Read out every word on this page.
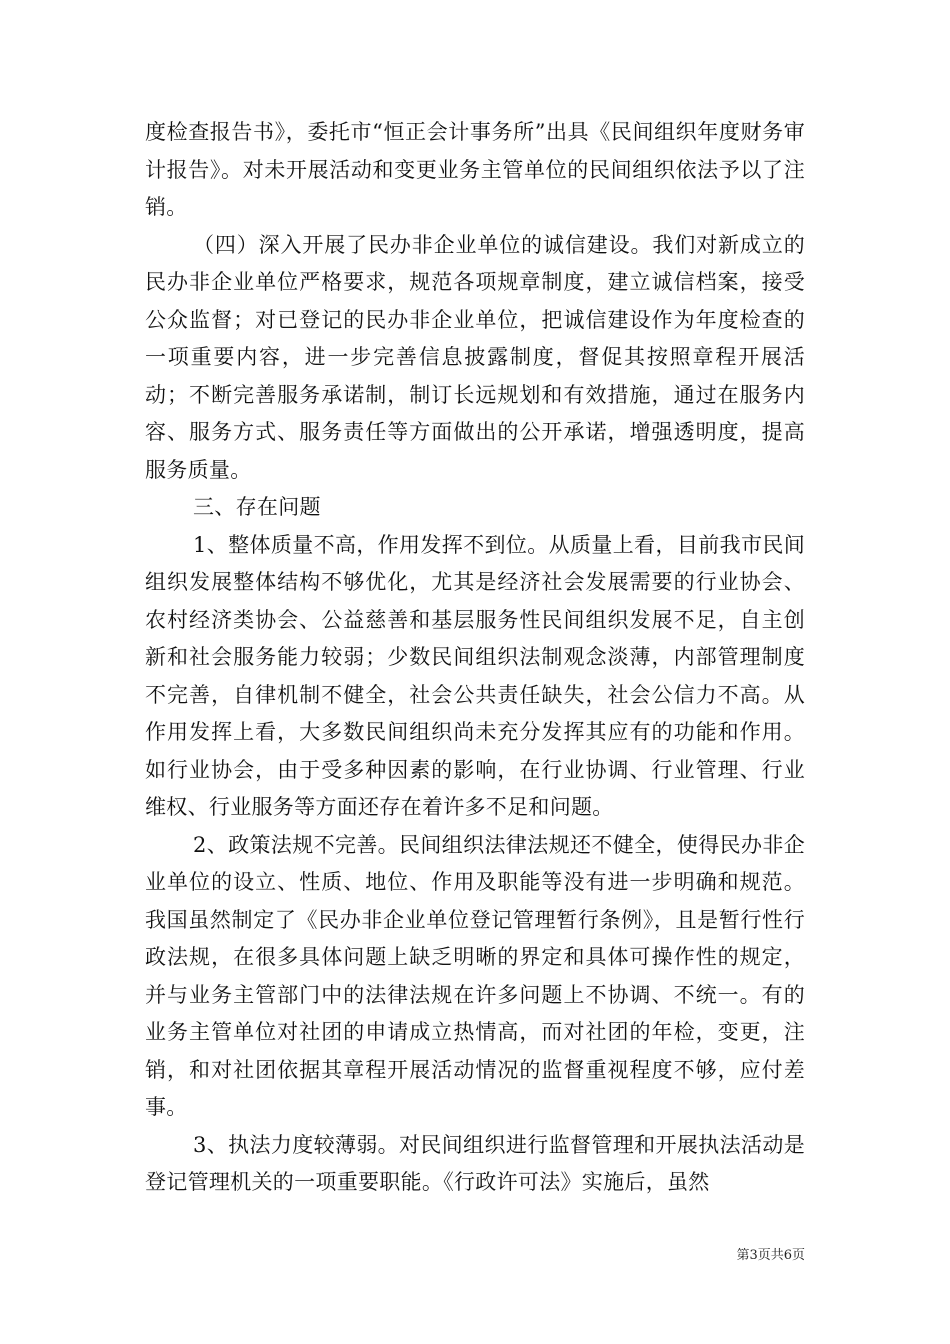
度检查报告书》，委托市“恒正会计事务所”出具《民间组织年度财务审计报告》。对未开展活动和变更业务主管单位的民间组织依法予以了注销。

（四）深入开展了民办非企业单位的诚信建设。我们对新成立的民办非企业单位严格要求，规范各项规章制度，建立诚信档案，接受公众监督；对已登记的民办非企业单位，把诚信建设作为年度检查的一项重要内容，进一步完善信息披露制度，督促其按照章程开展活动；不断完善服务承诺制，制订长远规划和有效措施，通过在服务内容、服务方式、服务责任等方面做出的公开承诺，增强透明度，提高服务质量。

三、存在问题

1、整体质量不高，作用发挥不到位。从质量上看，目前我市民间组织发展整体结构不够优化，尤其是经济社会发展需要的行业协会、农村经济类协会、公益慈善和基层服务性民间组织发展不足，自主创新和社会服务能力较弱；少数民间组织法制观念淡薄，内部管理制度不完善，自律机制不健全，社会公共责任缺失，社会公信力不高。从作用发挥上看，大多数民间组织尚未充分发挥其应有的功能和作用。如行业协会，由于受多种因素的影响，在行业协调、行业管理、行业维权、行业服务等方面还存在着许多不足和问题。

2、政策法规不完善。民间组织法律法规还不健全，使得民办非企业单位的设立、性质、地位、作用及职能等没有进一步明确和规范。我国虽然制定了《民办非企业单位登记管理暂行条例》，且是暂行性行政法规，在很多具体问题上缺乏明晰的界定和具体可操作性的规定，并与业务主管部门中的法律法规在许多问题上不协调、不统一。有的业务主管单位对社团的申请成立热情高，而对社团的年检，变更，注销，和对社团依据其章程开展活动情况的监督重视程度不够，应付差事。

3、执法力度较薄弱。对民间组织进行监督管理和开展执法活动是登记管理机关的一项重要职能。《行政许可法》实施后，虽然

第3页共6页
